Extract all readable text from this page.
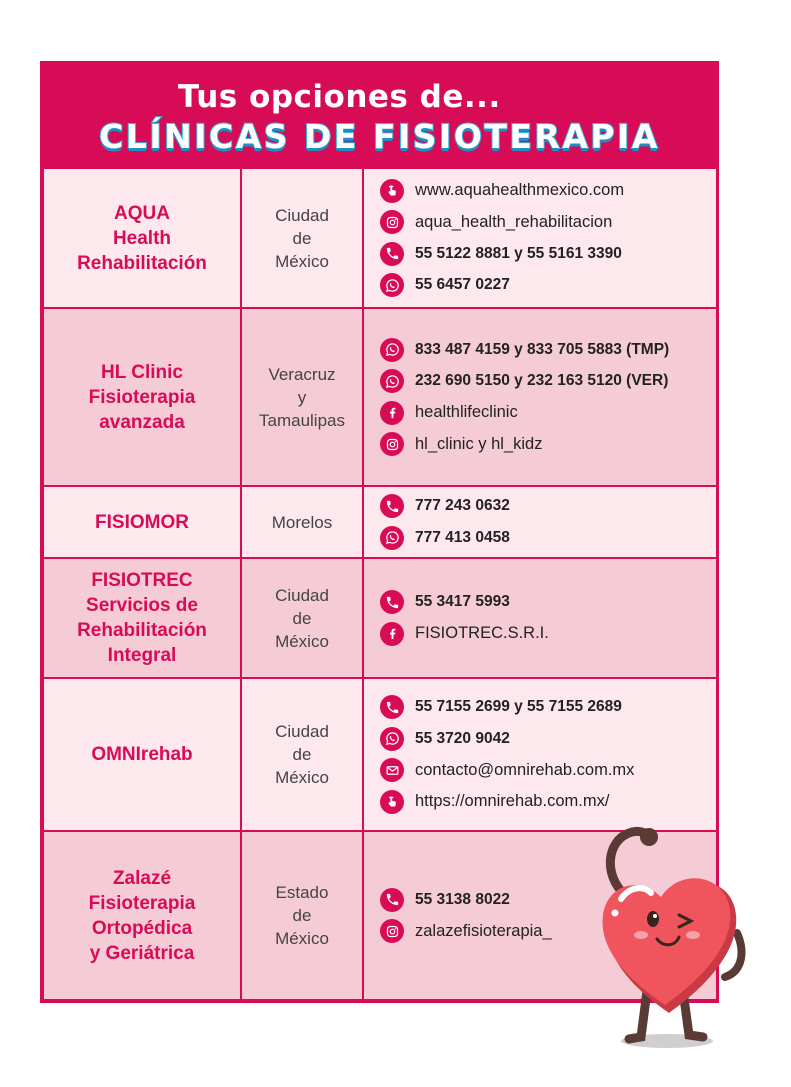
Tus opciones de...
CLÍNICAS DE FISIOTERAPIA
AQUA
Health
Rehabilitación
Ciudad
de
México
www.aquahealthmexico.com
aqua_health_rehabilitacion
55 5122 8881 y 55 5161 3390
55 6457 0227
HL Clinic
Fisioterapia
avanzada
Veracruz
y
Tamaulipas
833 487 4159 y 833 705 5883 (TMP)
232 690 5150 y 232 163 5120 (VER)
healthlifeclinic
hl_clinic y hl_kidz
FISIOMOR	Morelos
777 243 0632
777 413 0458
FISIOTREC
Servicios de
Rehabilitación
Integral
Ciudad
de
México
55 3417 5993
FISIOTREC.S.R.I.
OMNIrehab
Ciudad
de
México
55 7155 2699 y 55 7155 2689
55 3720 9042
contacto@omnirehab.com.mx
https://omnirehab.com.mx/
Zalazé
Fisioterapia
Ortopédica
y Geriátrica
Estado
de
México
55 3138 8022
zalazefisioterapia_
